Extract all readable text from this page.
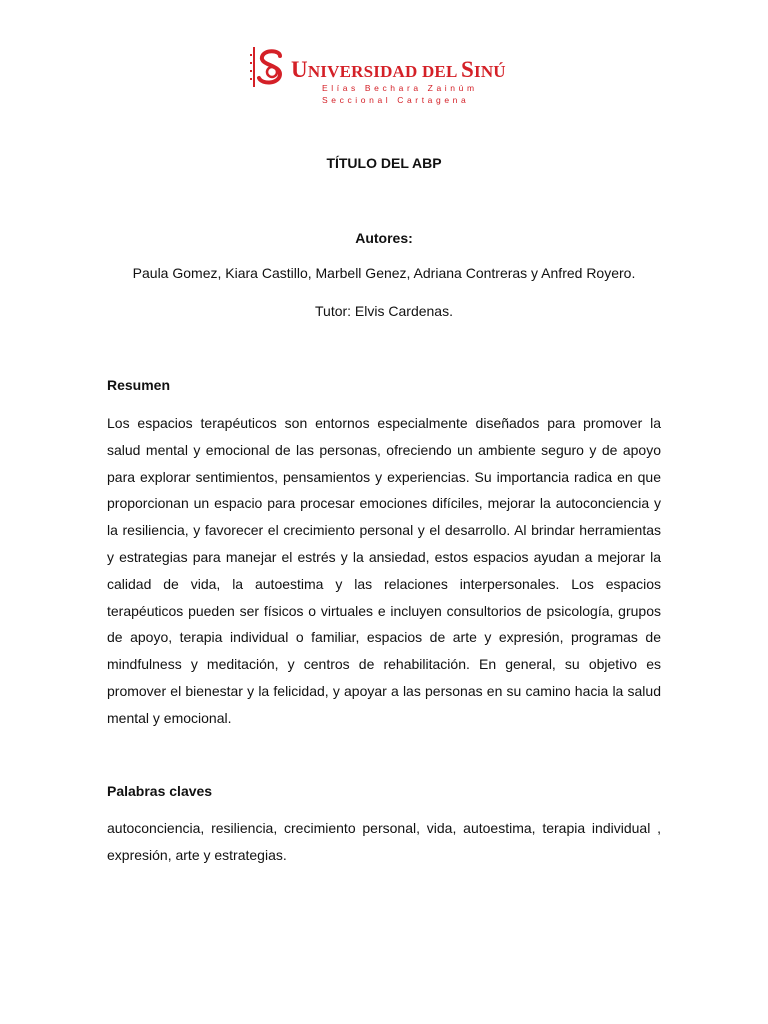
UNIVERSIDAD DEL SINÚ
Elías Bechara Zainúm
Seccional Cartagena
TÍTULO DEL ABP
Autores:
Paula Gomez, Kiara Castillo, Marbell Genez, Adriana Contreras y Anfred Royero.
Tutor: Elvis Cardenas.
Resumen

Los espacios terapéuticos son entornos especialmente diseñados para promover la salud mental y emocional de las personas, ofreciendo un ambiente seguro y de apoyo para explorar sentimientos, pensamientos y experiencias. Su importancia radica en que proporcionan un espacio para procesar emociones difíciles, mejorar la autoconciencia y la resiliencia, y favorecer el crecimiento personal y el desarrollo. Al brindar herramientas y estrategias para manejar el estrés y la ansiedad, estos espacios ayudan a mejorar la calidad de vida, la autoestima y las relaciones interpersonales. Los espacios terapéuticos pueden ser físicos o virtuales e incluyen consultorios de psicología, grupos de apoyo, terapia individual o familiar, espacios de arte y expresión, programas de mindfulness y meditación, y centros de rehabilitación. En general, su objetivo es promover el bienestar y la felicidad, y apoyar a las personas en su camino hacia la salud mental y emocional.

Palabras claves

autoconciencia, resiliencia, crecimiento personal, vida, autoestima, terapia individual , expresión, arte y estrategias.
